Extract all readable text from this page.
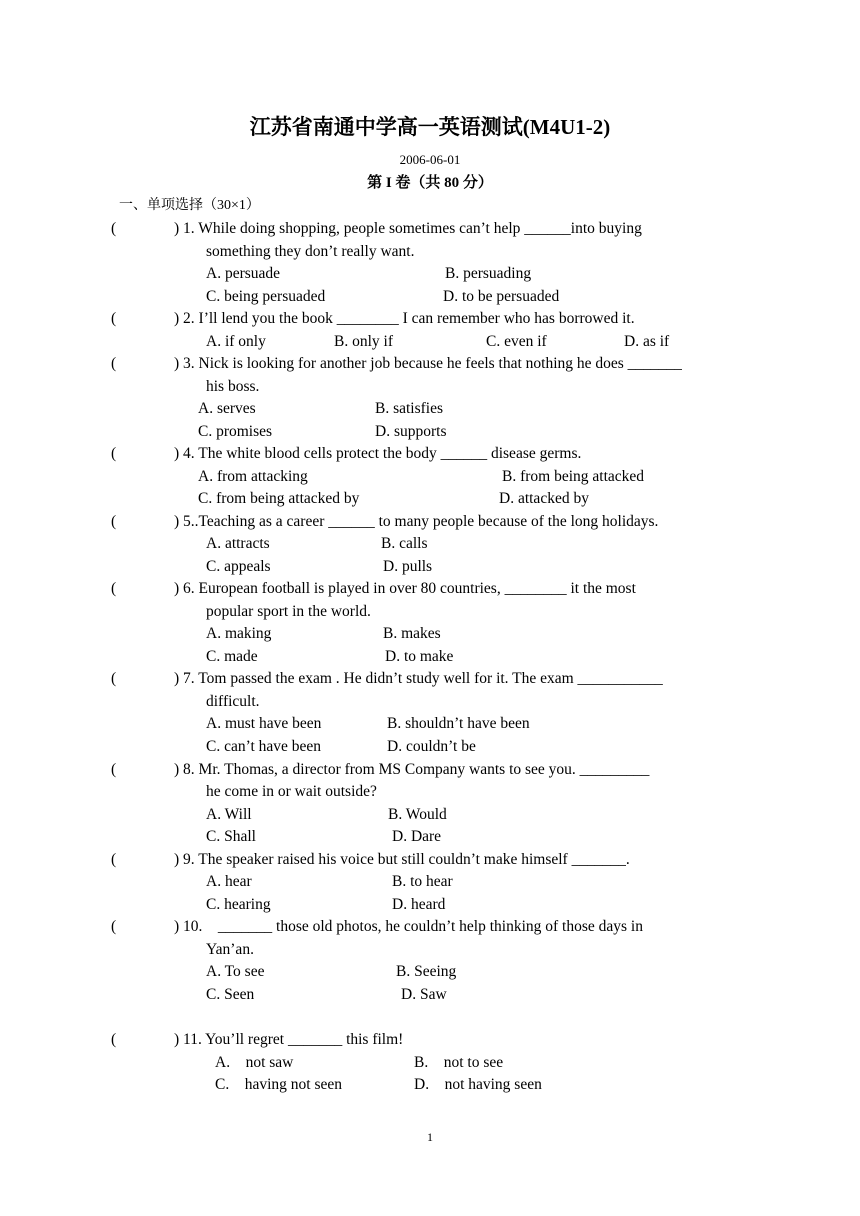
江苏省南通中学高一英语测试(M4U1-2)
2006-06-01
第 I 卷（共 80 分）
一、单项选择（30×1）
(	) 1. While doing shopping, people sometimes can’t help ______into buying
something they don’t really want.
A. persuade	B. persuading
C. being persuaded	D. to be persuaded
(	) 2. I’ll lend you the book ________ I can remember who has borrowed it.
A. if only	B. only if	C. even if	D. as if
(	) 3. Nick is looking for another job because he feels that nothing he does _______
his boss.
A. serves	B. satisfies
C. promises	D. supports
(	) 4. The white blood cells protect the body ______ disease germs.
A. from attacking	B. from being attacked
C. from being attacked by	D. attacked by
(	) 5..Teaching as a career ______ to many people because of the long holidays.
A. attracts	B. calls
C. appeals	D. pulls
(	) 6. European football is played in over 80 countries, ________ it the most
popular sport in the world.
A. making	B. makes
C. made	D. to make
(	) 7. Tom passed the exam . He didn’t study well for it. The exam ___________
difficult.
A. must have been	B. shouldn’t have been
C. can’t have been	D. couldn’t be
(	) 8. Mr. Thomas, a director from MS Company wants to see you. _________
he come in or wait outside?
A. Will	B. Would
C. Shall	D. Dare
(	) 9. The speaker raised his voice but still couldn’t make himself _______.
A. hear	B. to hear
C. hearing	D. heard
(	) 10.    _______ those old photos, he couldn’t help thinking of those days in
Yan’an.
A. To see	B. Seeing
C. Seen	D. Saw
(	) 11. You’ll regret _______ this film!
A.    not saw	B.    not to see
C.    having not seen	D.    not having seen
1
